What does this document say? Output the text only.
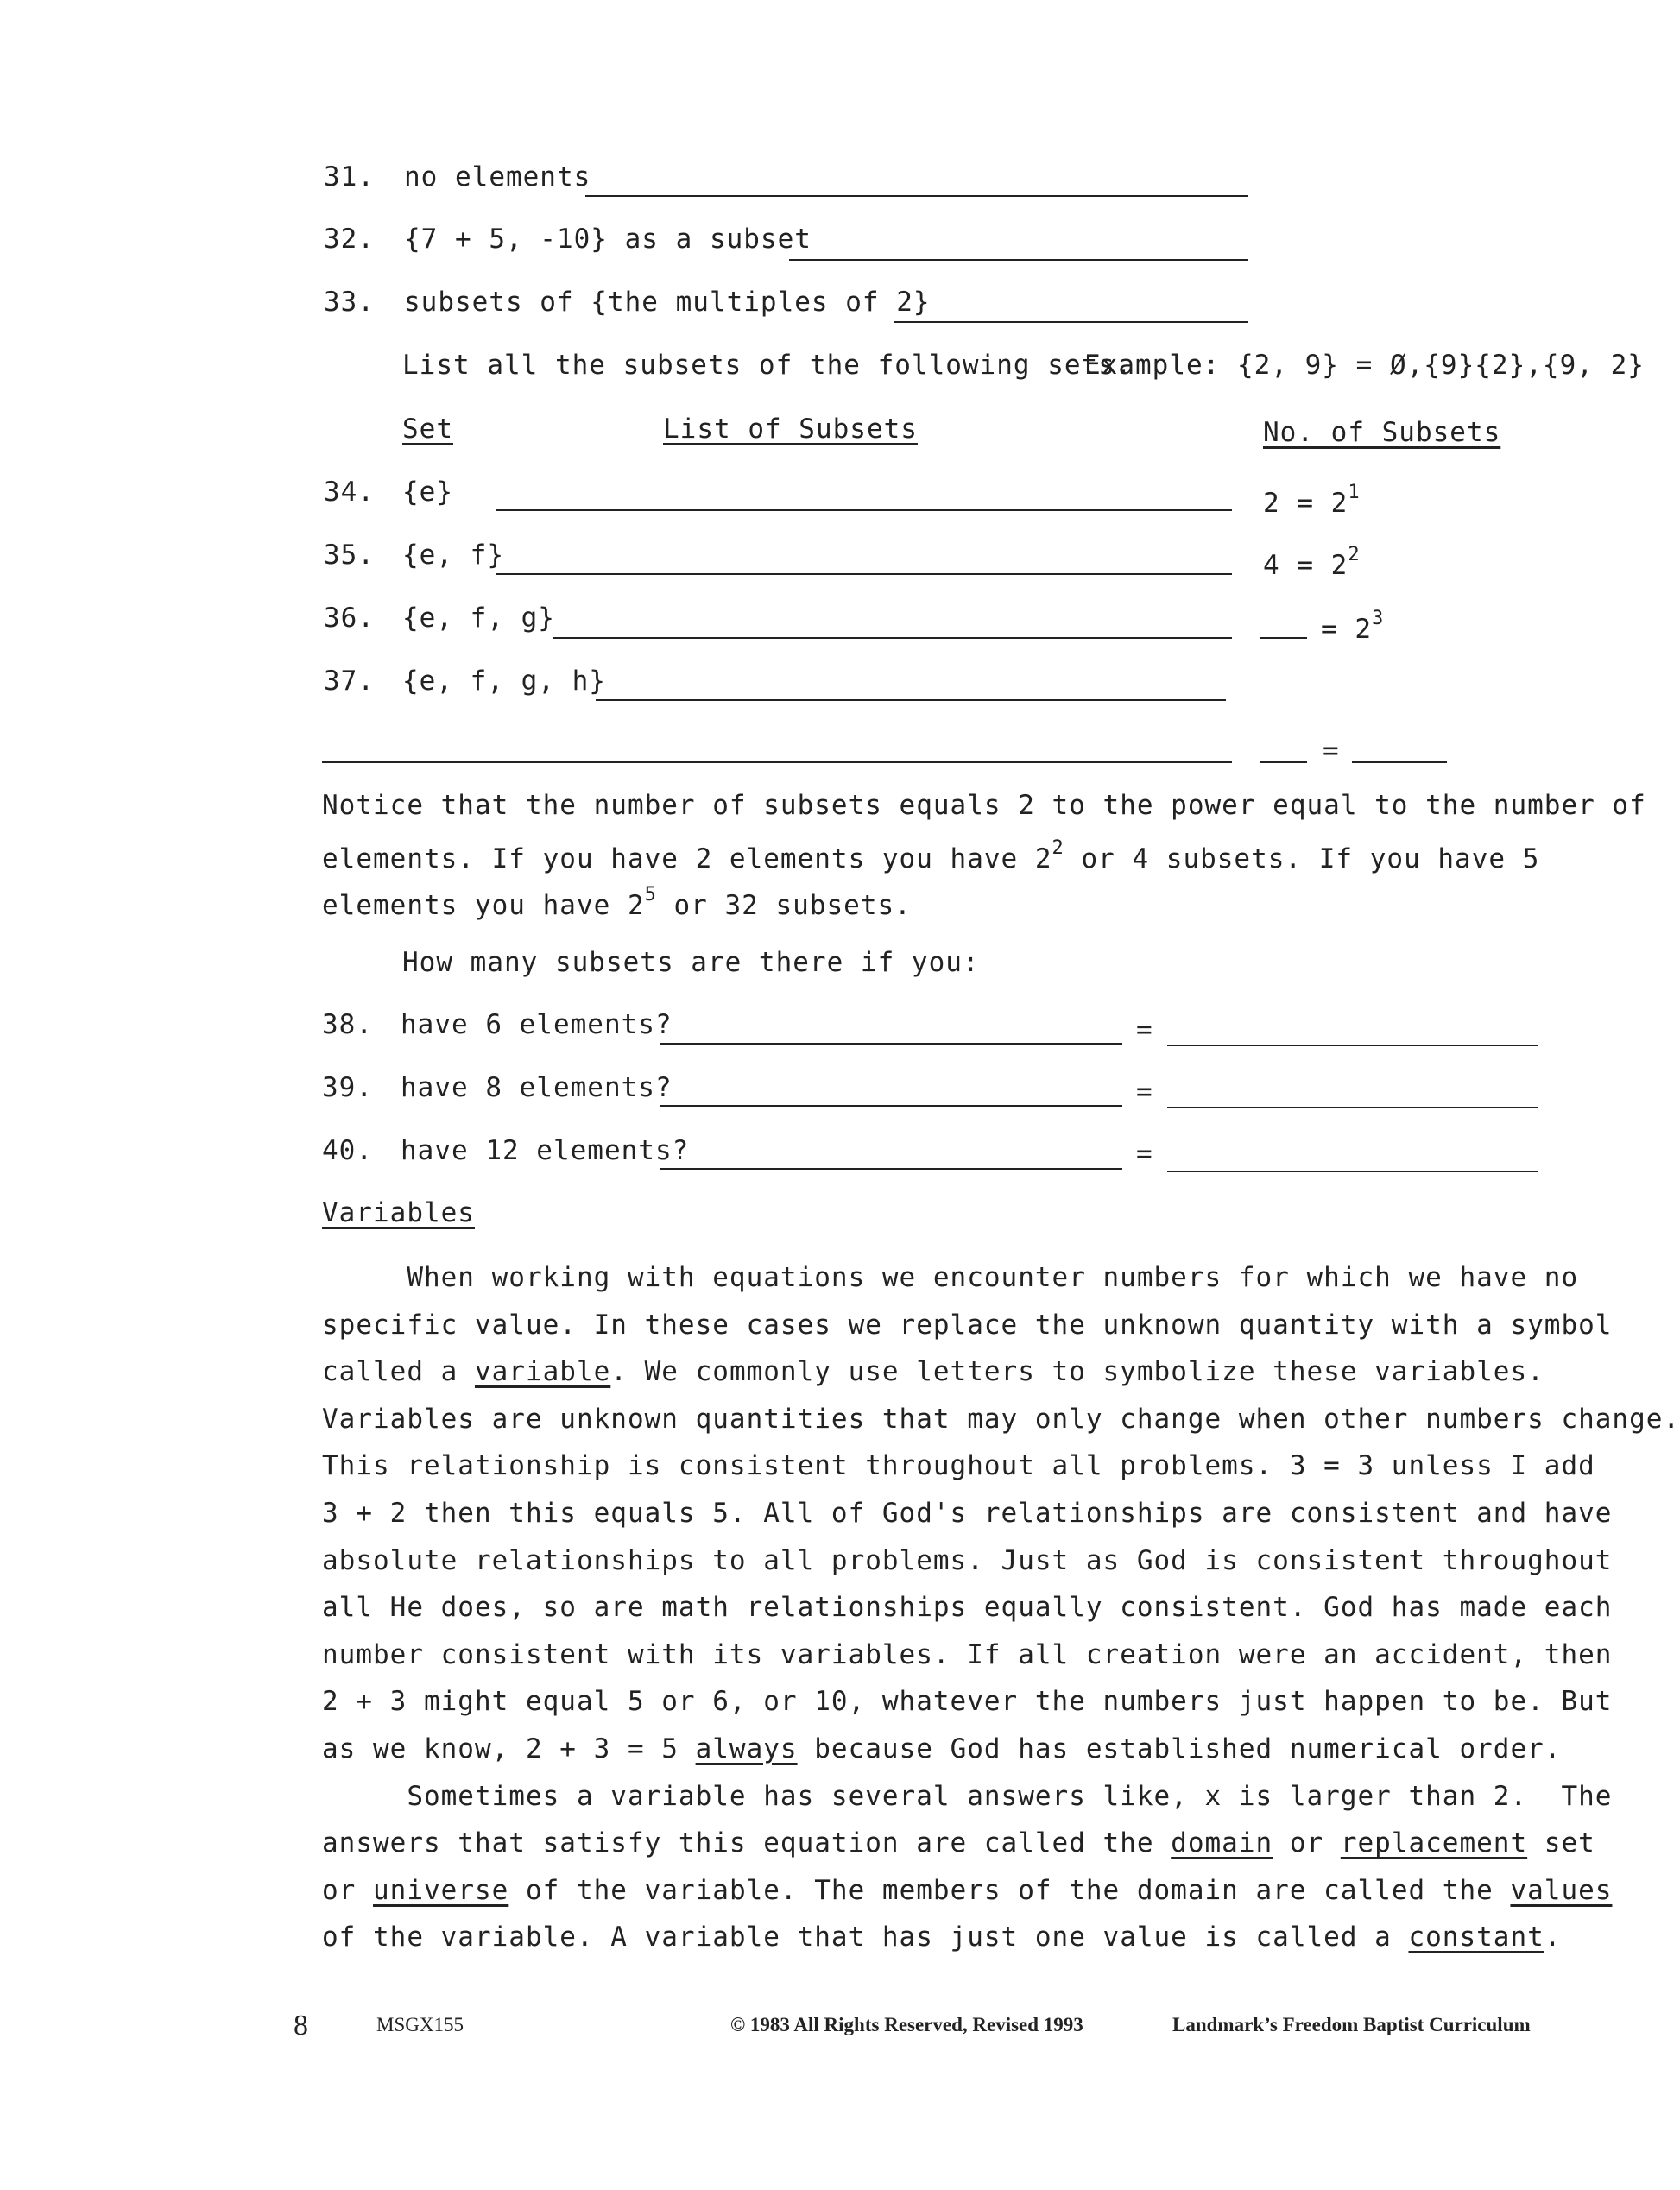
31. no elements
32. {7 + 5, -10} as a subset
33. subsets of {the multiples of 2}
List all the subsets of the following sets.
Example: {2, 9} = Ø,{9}{2},{9, 2}
Set	List of Subsets	No. of Subsets
34. {e}	$2 = 2^1$
35. {e, f}	$4 = 2^2$
36. {e, f, g}	= $2^3$
37. {e, f, g, h}
=
Notice that the number of subsets equals 2 to the power equal to the number of
elements. If you have 2 elements you have $2^2$ or 4 subsets. If you have 5
elements you have $2^5$ or 32 subsets.
How many subsets are there if you:
38. have 6 elements?	=
39. have 8 elements?	=
40. have 12 elements?	=
Variables

When working with equations we encounter numbers for which we have no

specific value. In these cases we replace the unknown quantity with a symbol

called a variable. We commonly use letters to symbolize these variables.

Variables are unknown quantities that may only change when other numbers change.

This relationship is consistent throughout all problems. 3 = 3 unless I add

3 + 2 then this equals 5. All of God's relationships are consistent and have

absolute relationships to all problems. Just as God is consistent throughout

all He does, so are math relationships equally consistent. God has made each

number consistent with its variables. If all creation were an accident, then

2 + 3 might equal 5 or 6, or 10, whatever the numbers just happen to be. But

as we know, 2 + 3 = 5 always because God has established numerical order.

Sometimes a variable has several answers like, x is larger than 2.  The

answers that satisfy this equation are called the domain or replacement set

or universe of the variable. The members of the domain are called the values

of the variable. A variable that has just one value is called a constant.

8	MSGX155	© 1983 All Rights Reserved, Revised 1993	Landmark’s Freedom Baptist Curriculum
